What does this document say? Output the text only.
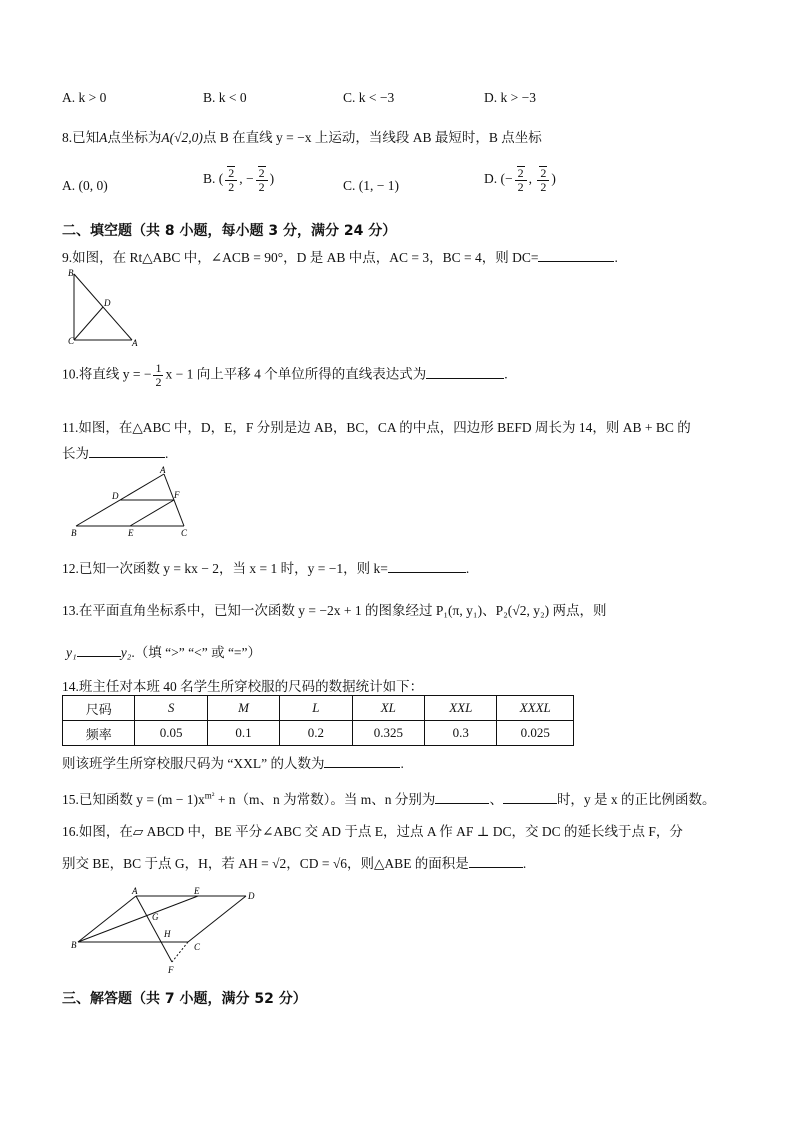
A. k > 0	B. k < 0	C. k < −3	D. k > −3
8.已知A点坐标为A(√2,0)点 B 在直线 y = −x 上运动，当线段 AB 最短时，B 点坐标
A. (0, 0)	B. ( $\frac{2}{2}$ , − $\frac{2}{2}$ )	C. (1, − 1)	D. (− $\frac{2}{2}$ , $\frac{2}{2}$ )
二、填空题（共 8 小题，每小题 3 分，满分 24 分）
9.如图，在 Rt△ABC 中，∠ACB = 90°，D 是 AB 中点，AC = 3，BC = 4，则 DC=	.
B
D
C	A
10.将直线 y = − $\frac{1}{2}$ x − 1 向上平移 4 个单位所得的直线表达式为	.
11.如图，在△ABC 中，D，E，F 分别是边 AB，BC，CA 的中点，四边形 BEFD 周长为 14，则 AB + BC 的
长为	.
A
D	F
B	E	C
12.已知一次函数 y = kx − 2，当 x = 1 时，y = −1，则 k=	.
13.在平面直角坐标系中，已知一次函数 y = −2x + 1 的图象经过 P₁(π, y₁)、P₂(√2, y₂) 两点，则
y₁	y₂.（填 “>” “<” 或 “=”）
14.班主任对本班 40 名学生所穿校服的尺码的数据统计如下：
尺码	S	M	L	XL	XXL	XXXL
频率	0.05	0.1	0.2	0.325	0.3	0.025
则该班学生所穿校服尺码为 “XXL” 的人数为	.
15.已知函数 $y = (m - 1)x^{m^2} + n(m$、n 为常数）。当 m、n 分别为	、	时，y 是 x 的正比例函数。
16.如图，在▱ ABCD 中，BE 平分∠ABC 交 AD 于点 E，过点 A 作 AF ⊥ DC，交 DC 的延长线于点 F，分
别交 BE，BC 于点 G，H，若 AH = √2，CD = √6，则△ABE 的面积是	.
A	E	D
G
H
B	C
F
三、解答题（共 7 小题，满分 52 分）
